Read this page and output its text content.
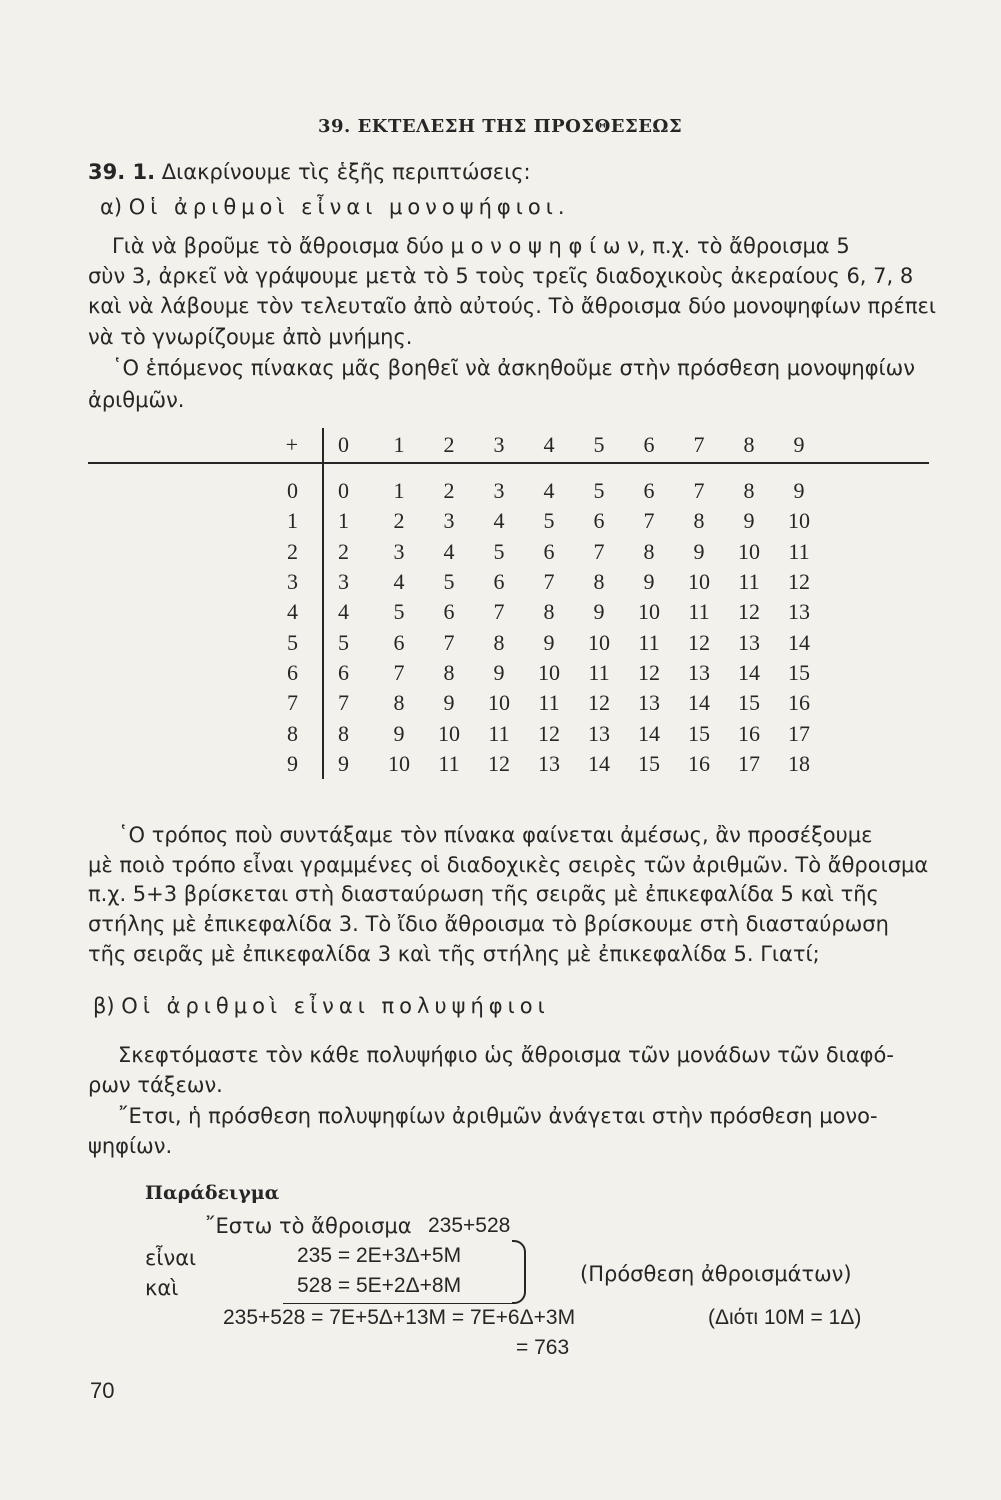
39. ΕΚΤΕΛΕΣΗ ΤΗΣ ΠΡΟΣΘΕΣΕΩΣ
39. 1. Διακρίνουμε τὶς ἑξῆς περιπτώσεις:
α) Οἱ ἀριθμοὶ εἶναι μονοψήφιοι.
Γιὰ νὰ βροῦμε τὸ ἄθροισμα δύο μ ο ν ο ψ η φ ί ω ν, π.χ. τὸ ἄθροισμα 5
σὺν 3, ἀρκεῖ νὰ γράψουμε μετὰ τὸ 5 τοὺς τρεῖς διαδοχικοὺς ἀκεραίους 6, 7, 8
καὶ νὰ λάβουμε τὸν τελευταῖο ἀπὸ αὐτούς. Τὸ ἄθροισμα δύο μονοψηφίων πρέπει
νὰ τὸ γνωρίζουμε ἀπὸ μνήμης.
῾Ο ἑπόμενος πίνακας μᾶς βοηθεῖ νὰ ἀσκηθοῦμε στὴν πρόσθεση μονοψηφίων
ἀριθμῶν.
+	0	1	2	3	4	5	6	7	8	9	
0	0	1	2	3	4	5	6	7	8	9	
1	1	2	3	4	5	6	7	8	9	10	
2	2	3	4	5	6	7	8	9	10	11	
3	3	4	5	6	7	8	9	10	11	12	
4	4	5	6	7	8	9	10	11	12	13	
5	5	6	7	8	9	10	11	12	13	14	
6	6	7	8	9	10	11	12	13	14	15	
7	7	8	9	10	11	12	13	14	15	16	
8	8	9	10	11	12	13	14	15	16	17	
9	9	10	11	12	13	14	15	16	17	18	
῾Ο τρόπος ποὺ συντάξαμε τὸν πίνακα φαίνεται ἀμέσως, ἂν προσέξουμε
μὲ ποιὸ τρόπο εἶναι γραμμένες οἱ διαδοχικὲς σειρὲς τῶν ἀριθμῶν. Τὸ ἄθροισμα
π.χ. 5+3 βρίσκεται στὴ διασταύρωση τῆς σειρᾶς μὲ ἐπικεφαλίδα 5 καὶ τῆς
στήλης μὲ ἐπικεφαλίδα 3. Τὸ ἴδιο ἄθροισμα τὸ βρίσκουμε στὴ διασταύρωση
τῆς σειρᾶς μὲ ἐπικεφαλίδα 3 καὶ τῆς στήλης μὲ ἐπικεφαλίδα 5. Γιατί;
β) Οἱ ἀριθμοὶ εἶναι πολυψήφιοι
Σκεφτόμαστε τὸν κάθε πολυψήφιο ὡς ἄθροισμα τῶν μονάδων τῶν διαφό-
ρων τάξεων.
῎Ετσι, ἡ πρόσθεση πολυψηφίων ἀριθμῶν ἀνάγεται στὴν πρόσθεση μονο-
ψηφίων.
Παράδειγμα
῎Εστω τὸ ἄθροισμα 235+528
εἶναι	235 = 2E+3Δ+5M
καὶ	528 = 5E+2Δ+8M	(Πρόσθεση ἀθροισμάτων)
235+528 = 7E+5Δ+13M = 7E+6Δ+3M	(Διότι 10M = 1Δ)
= 763
70
